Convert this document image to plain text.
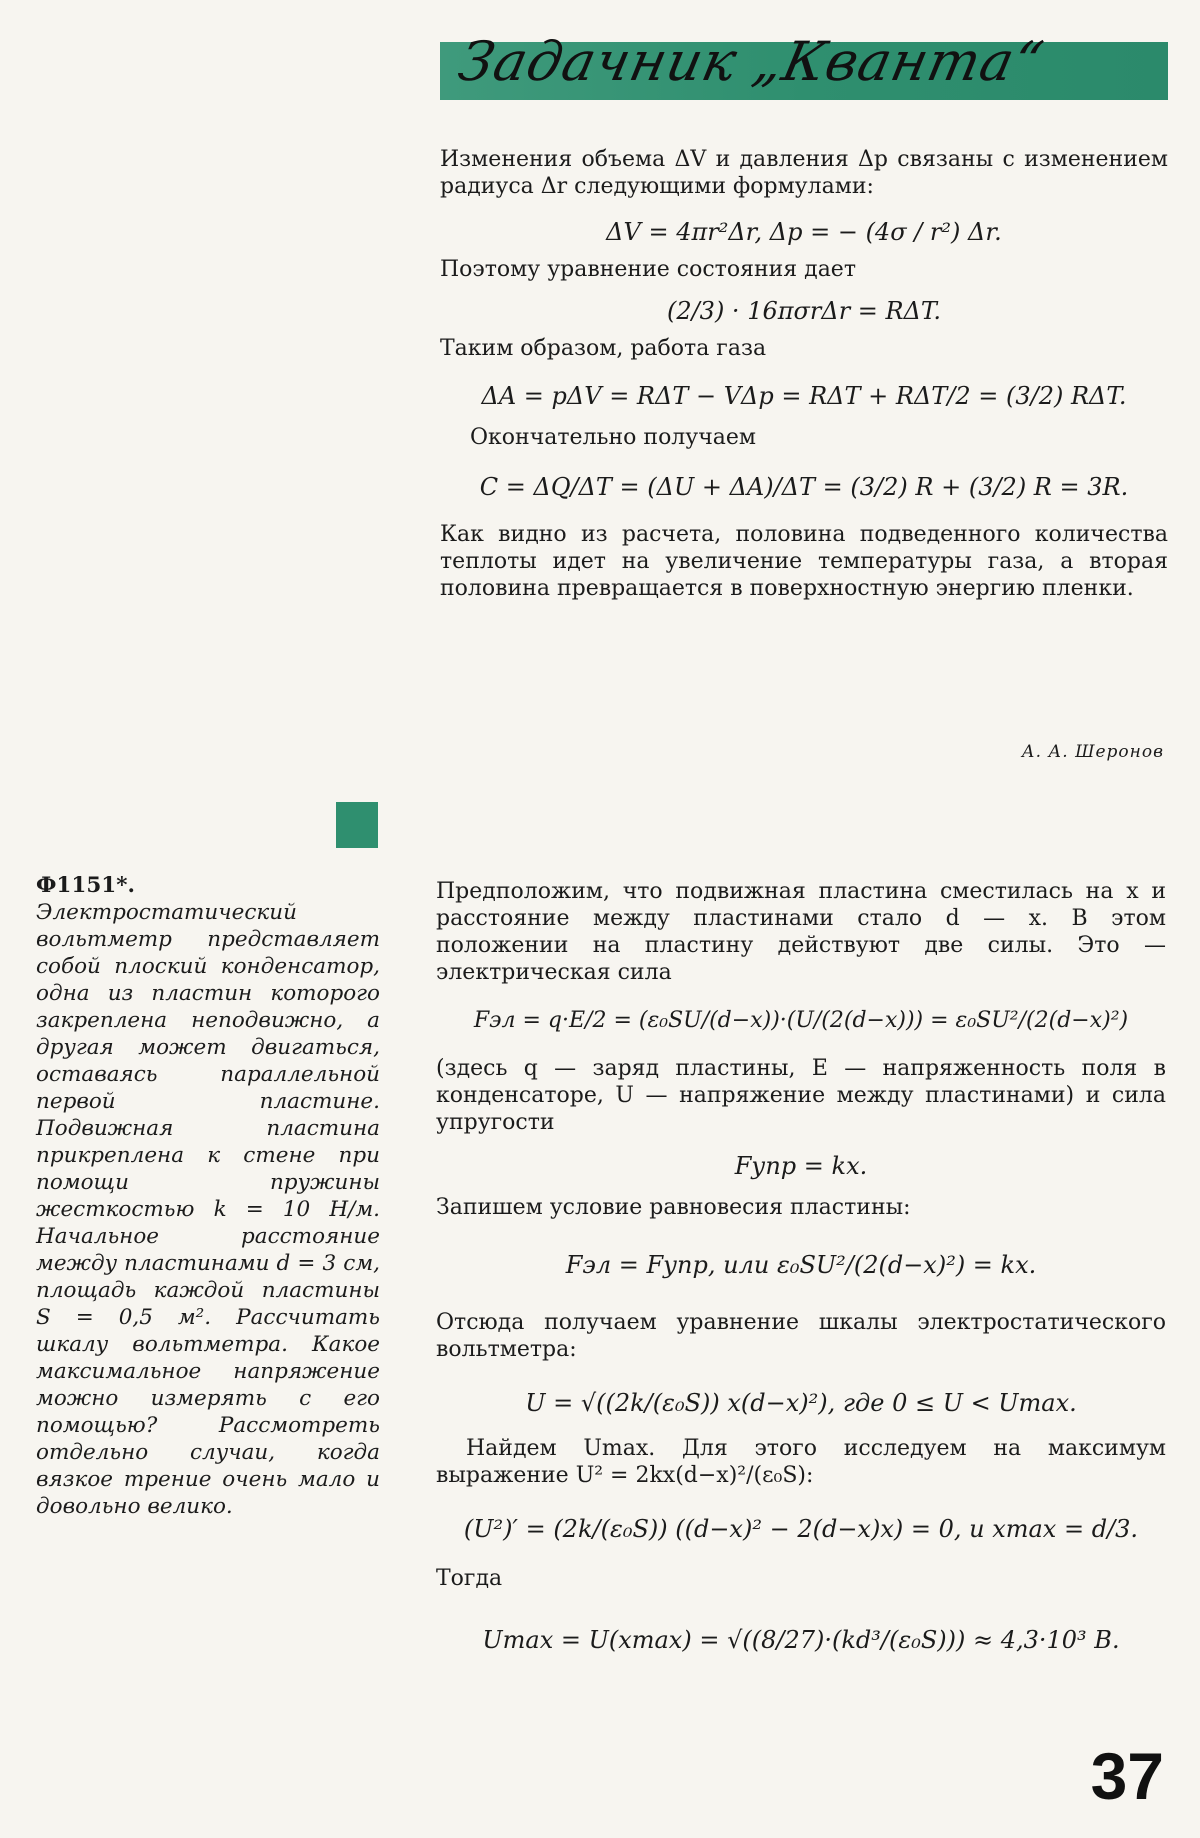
Задачник „Кванта“

Изменения объема ΔV и давления Δp связаны с изменением радиуса Δr следующими формулами:

ΔV = 4πr²Δr, Δp = − (4σ / r²) Δr.

Поэтому уравнение состояния дает

(2/3) · 16πσrΔr = RΔT.

Таким образом, работа газа

ΔA = pΔV = RΔT − VΔp = RΔT + RΔT/2 = (3/2) RΔT.

Окончательно получаем

C = ΔQ/ΔT = (ΔU + ΔA)/ΔT = (3/2) R + (3/2) R = 3R.

Как видно из расчета, половина подведенного количества теплоты идет на увеличение температуры газа, а вторая половина превращается в поверхностную энергию пленки.

А. А. Шеронов
Ф1151*. Электростатический вольтметр представляет собой плоский конденсатор, одна из пластин которого закреплена неподвижно, а другая может двигаться, оставаясь параллельной первой пластине. Подвижная пластина прикреплена к стене при помощи пружины жесткостью k = 10 Н/м. Начальное расстояние между пластинами d = 3 см, площадь каждой пластины S = 0,5 м². Рассчитать шкалу вольтметра. Какое максимальное напряжение можно измерять с его помощью? Рассмотреть отдельно случаи, когда вязкое трение очень мало и довольно велико.

Предположим, что подвижная пластина сместилась на x и расстояние между пластинами стало d — x. В этом положении на пластину действуют две силы. Это — электрическая сила

Fэл = q·E/2 = (ε₀SU/(d−x))·(U/(2(d−x))) = ε₀SU²/(2(d−x)²)

(здесь q — заряд пластины, E — напряженность поля в конденсаторе, U — напряжение между пластинами) и сила упругости

Fупр = kx.

Запишем условие равновесия пластины:

Fэл = Fупр, или ε₀SU²/(2(d−x)²) = kx.

Отсюда получаем уравнение шкалы электростатического вольтметра:

U = √((2k/(ε₀S)) x(d−x)²), где 0 ≤ U < Umax.

Найдем Umax. Для этого исследуем на максимум выражение U² = 2kx(d−x)²/(ε₀S):

(U²)′ = (2k/(ε₀S)) ((d−x)² − 2(d−x)x) = 0, и xmax = d/3.

Тогда

Umax = U(xmax) = √((8/27)·(kd³/(ε₀S))) ≈ 4,3·10³ В.
37
